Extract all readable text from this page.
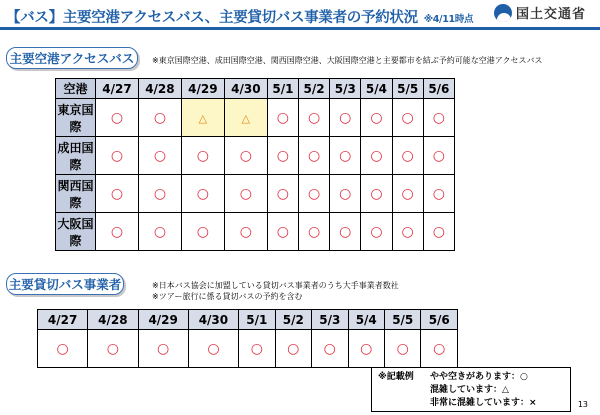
【バス】主要空港アクセスバス、主要貸切バス事業者の予約状況 ※4/11時点	国土交通省
主要空港アクセスバス	※東京国際空港、成田国際空港、関西国際空港、大阪国際空港と主要都市を結ぶ予約可能な空港アクセスバス
空港	4/27	4/28	4/29	4/30	5/1	5/2	5/3	5/4	5/5	5/6
東京国際	○	○	△	△	○	○	○	○	○	○
成田国際	○	○	○	○	○	○	○	○	○	○
関西国際	○	○	○	○	○	○	○	○	○	○
大阪国際	○	○	○	○	○	○	○	○	○	○
主要貸切バス事業者	※日本バス協会に加盟している貸切バス事業者のうち大手事業者数社
※ツアー旅行に係る貸切バスの予約を含む
4/27	4/28	4/29	4/30	5/1	5/2	5/3	5/4	5/5	5/6
○	○	○	○	○	○	○	○	○	○
※記載例 やや空きがあります：○
混雑しています：△
非常に混雑しています：×	13
